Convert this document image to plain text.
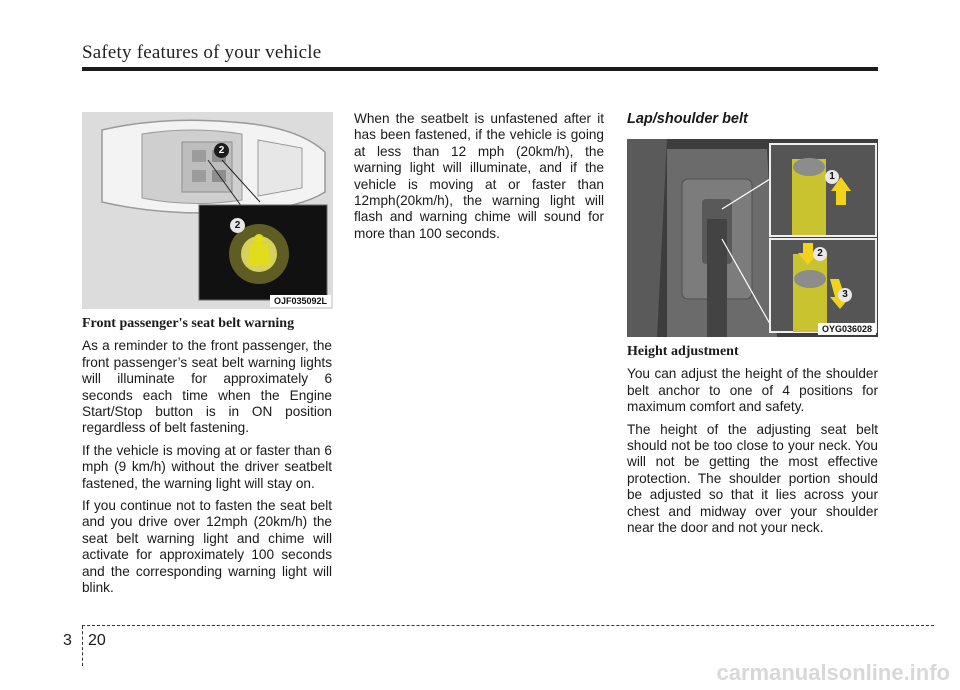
Safety features of your vehicle
2
2
OJF035092L
Front passenger's seat belt warning

As a reminder to the front passenger, the front passenger’s seat belt warning lights will illuminate for approximately 6 seconds each time when the Engine Start/Stop button is in ON position regardless of belt fastening.

If the vehicle is moving at or faster than 6 mph (9 km/h) without the driver seatbelt fastened, the warning light will stay on.

If you continue not to fasten the seat belt and you drive over 12mph (20km/h) the seat belt warning light and chime will activate for approximately 100 seconds and the corresponding warning light will blink.

When the seatbelt is unfastened after it has been fastened, if the vehicle is going at less than 12 mph (20km/h), the warning light will illuminate, and if the vehicle is moving at or faster than 12mph(20km/h), the warning light will flash and warning chime will sound for more than 100 seconds.

Lap/shoulder belt
1
2
3
OYG036028
Height adjustment

You can adjust the height of the shoulder belt anchor to one of 4 positions for maximum comfort and safety.

The height of the adjusting seat belt should not be too close to your neck. You will not be getting the most effective protection. The shoulder portion should be adjusted so that it lies across your chest and midway over your shoulder near the door and not your neck.

3 20
carmanualsonline.info
